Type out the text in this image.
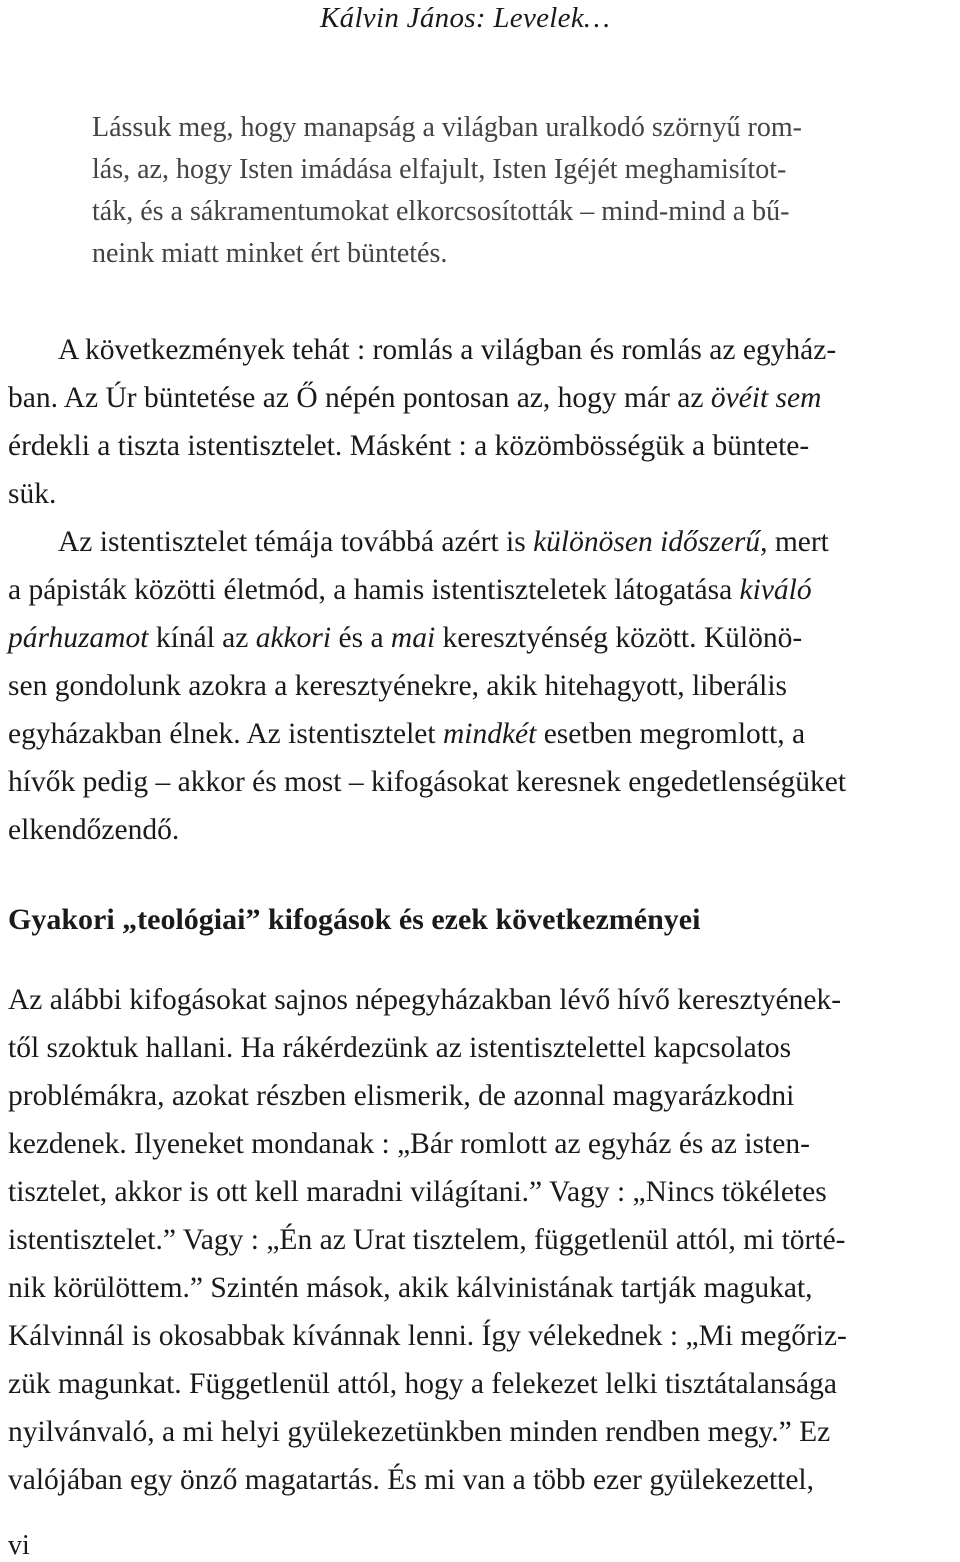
Kálvin János: Levelek…
Lássuk meg, hogy manapság a világban uralkodó szörnyű rom-
lás, az, hogy Isten imádása elfajult, Isten Igéjét meghamisítot-
ták, és a sákramentumokat elkorcsosították – mind-mind a bű-
neink miatt minket ért büntetés.
A következmények tehát : romlás a világban és romlás az egyház-
ban. Az Úr büntetése az Ő népén pontosan az, hogy már az övéit sem
érdekli a tiszta istentisztelet. Másként : a közömbösségük a büntete-
sük.
Az istentisztelet témája továbbá azért is különösen időszerű, mert
a pápisták közötti életmód, a hamis istentiszteletek látogatása kiváló
párhuzamot kínál az akkori és a mai keresztyénség között. Különö-
sen gondolunk azokra a keresztyénekre, akik hitehagyott, liberális
egyházakban élnek. Az istentisztelet mindkét esetben megromlott, a
hívők pedig – akkor és most – kifogásokat keresnek engedetlenségüket
elkendőzendő.
Gyakori „teológiai” kifogások és ezek következményei
Az alábbi kifogásokat sajnos népegyházakban lévő hívő keresztyének-
től szoktuk hallani. Ha rákérdezünk az istentisztelettel kapcsolatos
problémákra, azokat részben elismerik, de azonnal magyarázkodni
kezdenek. Ilyeneket mondanak : „Bár romlott az egyház és az isten-
tisztelet, akkor is ott kell maradni világítani.” Vagy : „Nincs tökéletes
istentisztelet.” Vagy : „Én az Urat tisztelem, függetlenül attól, mi törté-
nik körülöttem.” Szintén mások, akik kálvinistának tartják magukat,
Kálvinnál is okosabbak kívánnak lenni. Így vélekednek : „Mi megőriz-
zük magunkat. Függetlenül attól, hogy a felekezet lelki tisztátalansága
nyilvánvaló, a mi helyi gyülekezetünkben minden rendben megy.” Ez
valójában egy önző magatartás. És mi van a több ezer gyülekezettel,
vi
